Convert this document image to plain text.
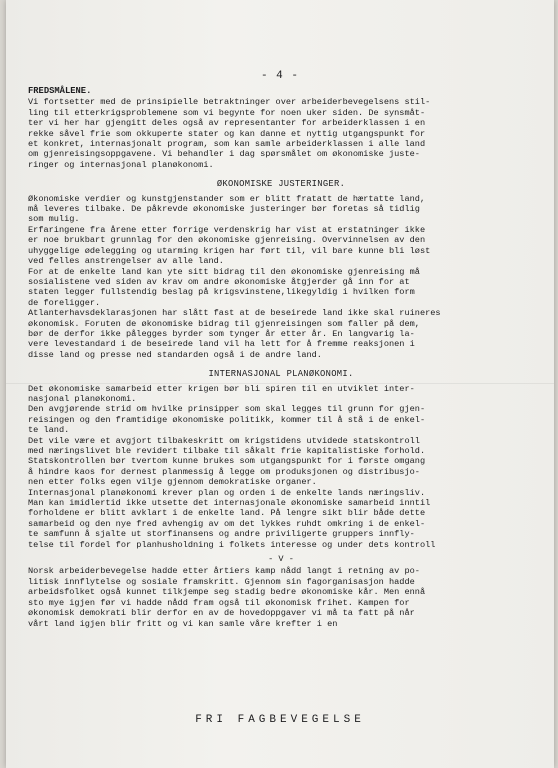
- 4 -
FREDSMÅLENE.
Vi fortsetter med de prinsipielle betraktninger over arbeiderbevegelsens stil-
ling til etterkrigsproblemene som vi begynte for noen uker siden. De synsmåt-
ter vi her har gjengitt deles også av representanter for arbeiderklassen i en
rekke såvel frie som okkuperte stater og kan danne et nyttig utgangspunkt for
et konkret, internasjonalt program, som kan samle arbeiderklassen i alle land
om gjenreisingsoppgavene. Vi behandler i dag spørsmålet om økonomiske juste-
ringer og internasjonal planøkonomi.
ØKONOMISKE JUSTERINGER.
Økonomiske verdier og kunstgjenstander som er blitt fratatt de hærtatte land,
må leveres tilbake. De påkrevde økonomiske justeringer bør foretas så tidlig
som mulig.
Erfaringene fra årene etter forrige verdenskrig har vist at erstatninger ikke
er noe brukbart grunnlag for den økonomiske gjenreising. Overvinnelsen av den
uhyggelige ødelegging og utarming krigen har ført til, vil bare kunne bli løst
ved felles anstrengelser av alle land.
For at de enkelte land kan yte sitt bidrag til den økonomiske gjenreising må
sosialistene ved siden av krav om andre økonomiske åtgjerder gå inn for at
staten legger fullstendig beslag på krigsvinstene,likegyldig i hvilken form
de foreligger.
Atlanterhavsdeklarasjonen har slått fast at de beseirede land ikke skal ruineres
økonomisk. Foruten de økonomiske bidrag til gjenreisingen som faller på dem,
bør de derfor ikke pålegges byrder som tynger år etter år. En langvarig la-
vere levestandard i de beseirede land vil ha lett for å fremme reaksjonen i
disse land og presse ned standarden også i de andre land.
INTERNASJONAL PLANØKONOMI.
Det økonomiske samarbeid etter krigen bør bli spiren til en utviklet inter-
nasjonal planøkonomi.
Den avgjørende strid om hvilke prinsipper som skal legges til grunn for gjen-
reisingen og den framtidige økonomiske politikk, kommer til å stå i de enkel-
te land.
Det vile være et avgjort tilbakeskritt om krigstidens utvidede statskontroll
med næringslivet ble revidert tilbake til såkalt frie kapitalistiske forhold.
Statskontrollen bør tvertom kunne brukes som utgangspunkt for i første omgang
å hindre kaos for dernest planmessig å legge om produksjonen og distribusjo-
nen etter folks egen vilje gjennom demokratiske organer.
Internasjonal planøkonomi krever plan og orden i de enkelte lands næringsliv.
Man kan imidlertid ikke utsette det internasjonale økonomiske samarbeid inntil
forholdene er blitt avklart i de enkelte land. På lengre sikt blir både dette
samarbeid og den nye fred avhengig av om det lykkes ruhdt omkring i de enkel-
te samfunn å sjalte ut storfinansens og andre priviligerte gruppers innfly-
telse til fordel for planhusholdning i folkets interesse og under dets kontroll
- V -
Norsk arbeiderbevegelse hadde etter årtiers kamp nådd langt i retning av po-
litisk innflytelse og sosiale framskritt. Gjennom sin fagorganisasjon hadde
arbeidsfolket også kunnet tilkjempe seg stadig bedre økonomiske kår. Men ennå
sto mye igjen før vi hadde nådd fram også til økonomisk frihet. Kampen for
økonomisk demokrati blir derfor en av de hovedoppgaver vi må ta fatt på når
vårt land igjen blir fritt og vi kan samle våre krefter i en
FRI FAGBEVEGELSE
